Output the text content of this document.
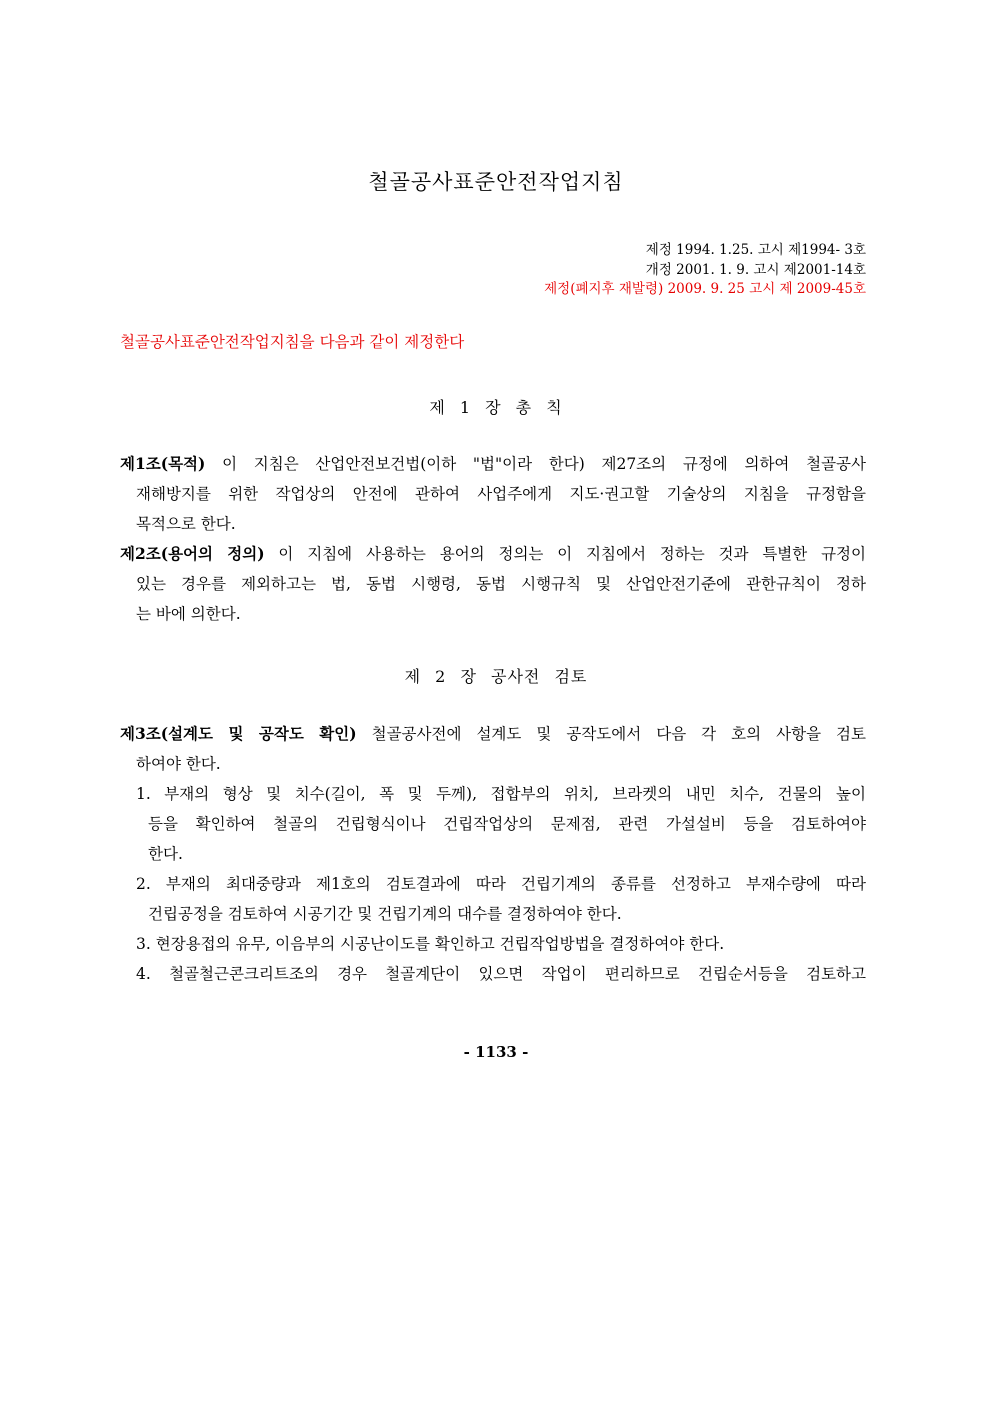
철골공사표준안전작업지침
제정 1994. 1.25. 고시 제1994- 3호
개정 2001. 1. 9. 고시 제2001-14호
제정(폐지후 재발령) 2009. 9. 25 고시 제 2009-45호
철골공사표준안전작업지침을 다음과 같이 제정한다
제 1 장 총 칙
제1조(목적) 이 지침은 산업안전보건법(이하 "법"이라 한다) 제27조의 규정에 의하여 철골공사
재해방지를 위한 작업상의 안전에 관하여 사업주에게 지도·권고할 기술상의 지침을 규정함을
목적으로 한다.
제2조(용어의 정의) 이 지침에 사용하는 용어의 정의는 이 지침에서 정하는 것과 특별한 규정이
있는 경우를 제외하고는 법, 동법 시행령, 동법 시행규칙 및 산업안전기준에 관한규칙이 정하
는 바에 의한다.
제 2 장 공사전 검토
제3조(설계도 및 공작도 확인) 철골공사전에 설계도 및 공작도에서 다음 각 호의 사항을 검토
하여야 한다.
1. 부재의 형상 및 치수(길이, 폭 및 두께), 접합부의 위치, 브라켓의 내민 치수, 건물의 높이
등을 확인하여 철골의 건립형식이나 건립작업상의 문제점, 관련 가설설비 등을 검토하여야
한다.
2. 부재의 최대중량과 제1호의 검토결과에 따라 건립기계의 종류를 선정하고 부재수량에 따라
건립공정을 검토하여 시공기간 및 건립기계의 대수를 결정하여야 한다.
3. 현장용접의 유무, 이음부의 시공난이도를 확인하고 건립작업방법을 결정하여야 한다.
4. 철골철근콘크리트조의 경우 철골계단이 있으면 작업이 편리하므로 건립순서등을 검토하고
- 1133 -
